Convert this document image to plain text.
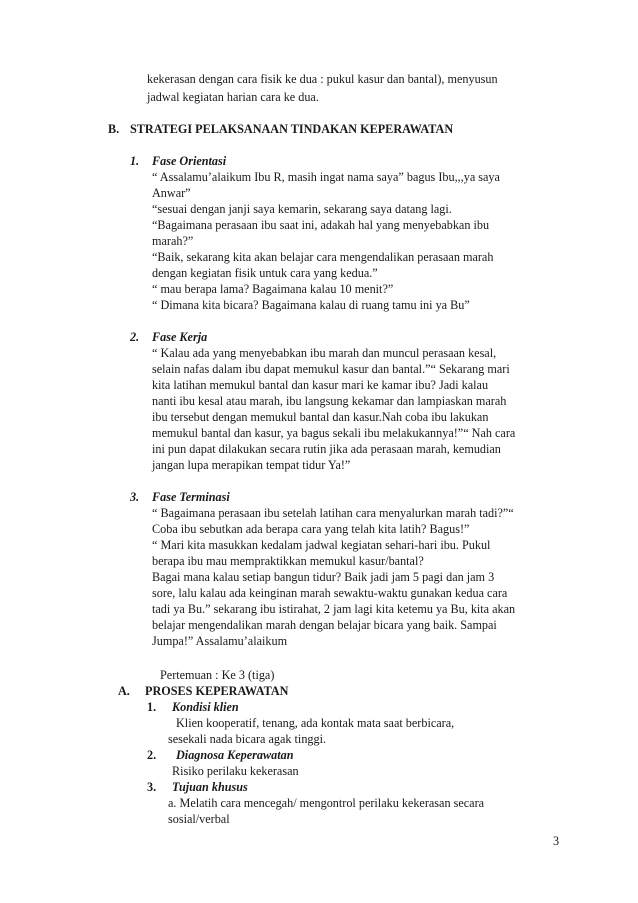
kekerasan dengan cara fisik ke dua : pukul kasur dan bantal), menyusun

jadwal kegiatan harian cara ke dua.

B. STRATEGI PELAKSANAAN TINDAKAN KEPERAWATAN

1. Fase Orientasi

“ Assalamu’alaikum Ibu R, masih ingat nama saya” bagus Ibu,,,ya saya

Anwar”

“sesuai dengan janji saya kemarin, sekarang saya datang lagi.

“Bagaimana perasaan ibu saat ini, adakah hal yang menyebabkan ibu

marah?”

“Baik, sekarang kita akan belajar cara mengendalikan perasaan marah

dengan kegiatan fisik untuk cara yang kedua.”

“ mau berapa lama? Bagaimana kalau 10 menit?”

“ Dimana kita bicara? Bagaimana kalau di ruang tamu ini ya Bu”

2. Fase Kerja

“ Kalau ada yang menyebabkan ibu marah dan muncul perasaan kesal,

selain nafas dalam ibu dapat memukul kasur dan bantal.”“ Sekarang mari

kita latihan memukul bantal dan kasur mari ke kamar ibu? Jadi kalau

nanti ibu kesal atau marah, ibu langsung kekamar dan lampiaskan marah

ibu tersebut dengan memukul bantal dan kasur.Nah coba ibu lakukan

memukul bantal dan kasur, ya bagus sekali ibu melakukannya!”“ Nah cara

ini pun dapat dilakukan secara rutin jika ada perasaan marah, kemudian

jangan lupa merapikan tempat tidur Ya!”

3. Fase Terminasi

“ Bagaimana perasaan ibu setelah latihan cara menyalurkan marah tadi?”“

Coba ibu sebutkan ada berapa cara yang telah kita latih? Bagus!”

“ Mari kita masukkan kedalam jadwal kegiatan sehari-hari ibu. Pukul

berapa ibu mau mempraktikkan memukul kasur/bantal?

Bagai mana kalau setiap bangun tidur? Baik jadi jam 5 pagi dan jam 3

sore, lalu kalau ada keinginan marah sewaktu-waktu gunakan kedua cara

tadi ya Bu.” sekarang ibu istirahat, 2 jam lagi kita ketemu ya Bu, kita akan

belajar mengendalikan marah dengan belajar bicara yang baik. Sampai

Jumpa!” Assalamu’alaikum

Pertemuan : Ke 3 (tiga)

A. PROSES KEPERAWATAN

1. Kondisi klien

Klien kooperatif, tenang, ada kontak mata saat berbicara,

sesekali nada bicara agak tinggi.

2. Diagnosa Keperawatan

Risiko perilaku kekerasan

3. Tujuan khusus

a. Melatih cara mencegah/ mengontrol perilaku kekerasan secara

sosial/verbal

3
